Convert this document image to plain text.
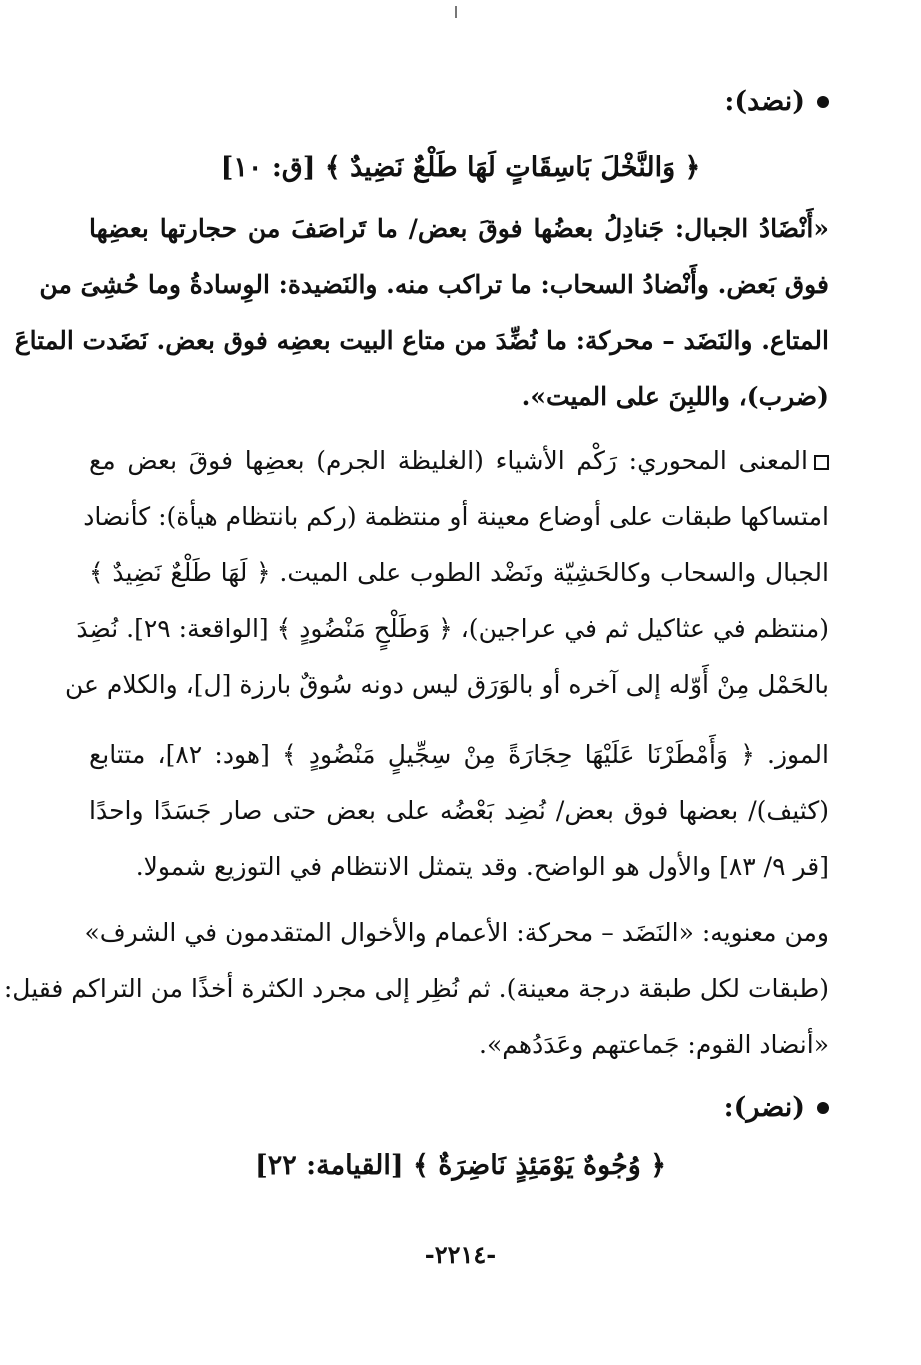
(نضد):
﴿ وَالنَّخْلَ بَاسِقَاتٍ لَهَا طَلْعٌ نَضِيدٌ ﴾ [ق: ١٠]
«أَنْضَادُ الجبال: جَنادِلُ بعضُها فوقَ بعض/ ما تَراصَفَ من حجارتها بعضِها
فوق بَعض. وأَنْضادُ السحاب: ما تراكب منه. والنَضيدة: الوِسادةُ وما حُشِىَ من
المتاع. والنَضَد – محركة: ما نُضِّدَ من متاع البيت بعضِه فوق بعض. نَضَدت المتاعَ
(ضرب)، واللبِنَ على الميت».
المعنى المحوري: رَكْم الأشياء (الغليظة الجرم) بعضِها فوقَ بعض مع
امتساكها طبقات على أوضاع معينة أو منتظمة (ركم بانتظام هيأة): كأنضاد
الجبال والسحاب وكالحَشِيّة ونَضْد الطوب على الميت. ﴿ لَهَا طَلْعٌ نَضِيدٌ ﴾
(منتظم في عثاكيل ثم في عراجين)، ﴿ وَطَلْحٍ مَنْضُودٍ ﴾ [الواقعة: ٢٩]. نُضِدَ
بالحَمْل مِنْ أَوّله إلى آخره أو بالوَرَق ليس دونه سُوقٌ بارزة [ل]، والكلام عن
الموز. ﴿ وَأَمْطَرْنَا عَلَيْهَا حِجَارَةً مِنْ سِجِّيلٍ مَنْضُودٍ ﴾ [هود: ٨٢]، متتابع
(كثيف)/ بعضها فوق بعض/ نُضِد بَعْضُه على بعض حتى صار جَسَدًا واحدًا
[قر ٩/ ٨٣] والأول هو الواضح. وقد يتمثل الانتظام في التوزيع شمولا.
ومن معنويه: «النَضَد – محركة: الأعمام والأخوال المتقدمون في الشرف»
(طبقات لكل طبقة درجة معينة). ثم نُظِر إلى مجرد الكثرة أخذًا من التراكم فقيل:
«أنضاد القوم: جَماعتهم وعَدَدُهم».
(نضر):
﴿ وُجُوهٌ يَوْمَئِذٍ نَاضِرَةٌ ﴾ [القيامة: ٢٢]
-٢٢١٤-
